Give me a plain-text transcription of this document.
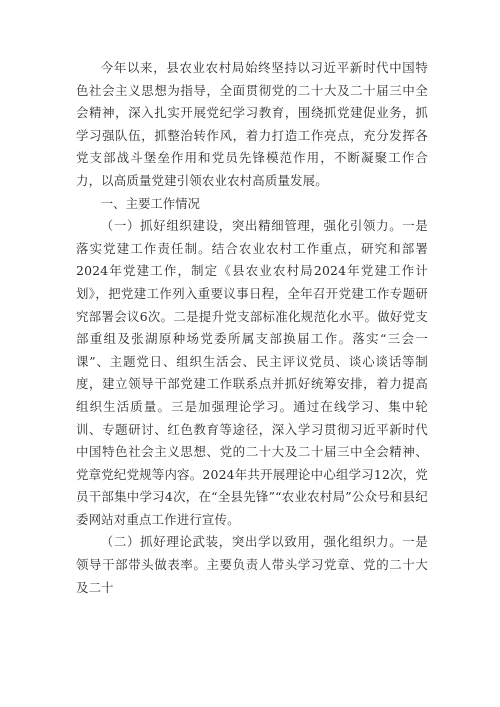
今年以来，县农业农村局始终坚持以习近平新时代中国特色社会主义思想为指导，全面贯彻党的二十大及二十届三中全会精神，深入扎实开展党纪学习教育，围绕抓党建促业务，抓学习强队伍，抓整治转作风，着力打造工作亮点，充分发挥各党支部战斗堡垒作用和党员先锋模范作用，不断凝聚工作合力，以高质量党建引领农业农村高质量发展。

一、主要工作情况

（一）抓好组织建设，突出精细管理，强化引领力。一是落实党建工作责任制。结合农业农村工作重点，研究和部署2024年党建工作，制定《县农业农村局2024年党建工作计划》，把党建工作列入重要议事日程，全年召开党建工作专题研究部署会议6次。二是提升党支部标准化规范化水平。做好党支部重组及张湖原种场党委所属支部换届工作。落实“三会一课”、主题党日、组织生活会、民主评议党员、谈心谈话等制度，建立领导干部党建工作联系点并抓好统筹安排，着力提高组织生活质量。三是加强理论学习。通过在线学习、集中轮训、专题研讨、红色教育等途径，深入学习贯彻习近平新时代中国特色社会主义思想、党的二十大及二十届三中全会精神、党章党纪党规等内容。2024年共开展理论中心组学习12次，党员干部集中学习4次，在“全县先锋”“农业农村局”公众号和县纪委网站对重点工作进行宣传。

（二）抓好理论武装，突出学以致用，强化组织力。一是领导干部带头做表率。主要负责人带头学习党章、党的二十大及二十
